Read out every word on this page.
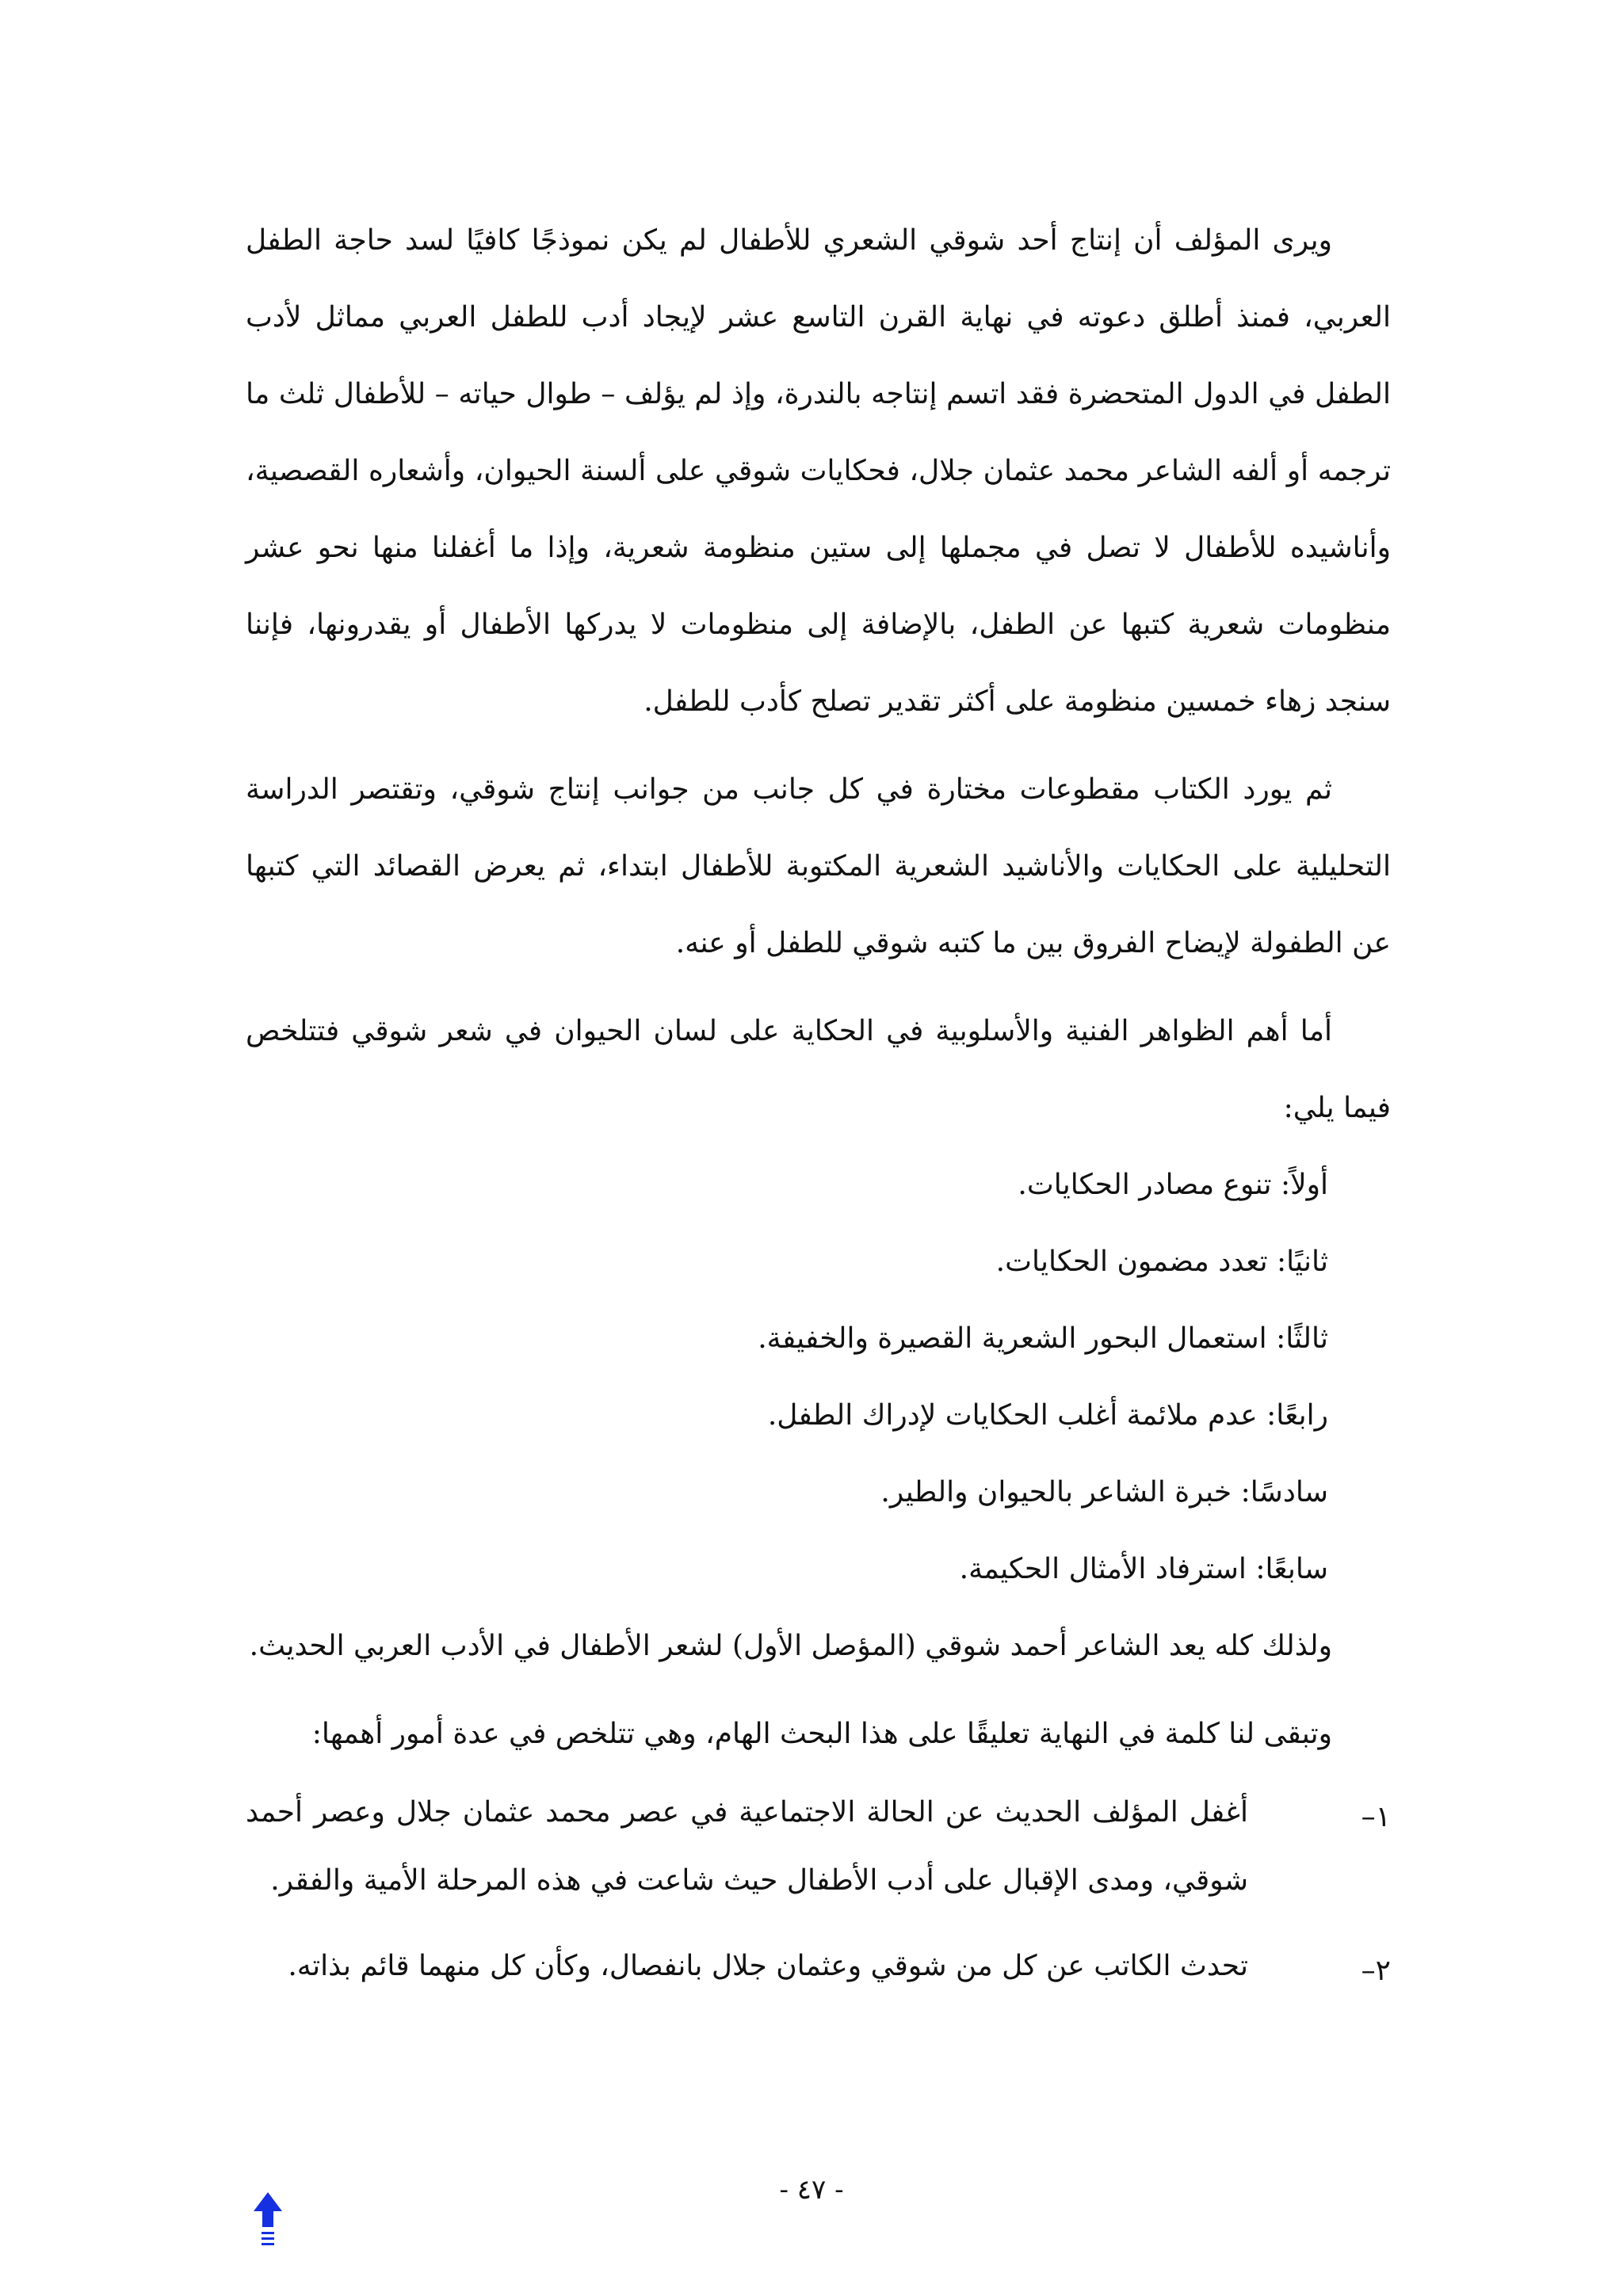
ويرى المؤلف أن إنتاج أحد شوقي الشعري للأطفال لم يكن نموذجًا كافيًا لسد حاجة الطفل العربي، فمنذ أطلق دعوته في نهاية القرن التاسع عشر لإيجاد أدب للطفل العربي مماثل لأدب الطفل في الدول المتحضرة فقد اتسم إنتاجه بالندرة، وإذ لم يؤلف – طوال حياته – للأطفال ثلث ما ترجمه أو ألفه الشاعر محمد عثمان جلال، فحكايات شوقي على ألسنة الحيوان، وأشعاره القصصية، وأناشيده للأطفال لا تصل في مجملها إلى ستين منظومة شعرية، وإذا ما أغفلنا منها نحو عشر منظومات شعرية كتبها عن الطفل، بالإضافة إلى منظومات لا يدركها الأطفال أو يقدرونها، فإننا سنجد زهاء خمسين منظومة على أكثر تقدير تصلح كأدب للطفل.

ثم يورد الكتاب مقطوعات مختارة في كل جانب من جوانب إنتاج شوقي، وتقتصر الدراسة التحليلية على الحكايات والأناشيد الشعرية المكتوبة للأطفال ابتداء، ثم يعرض القصائد التي كتبها عن الطفولة لإيضاح الفروق بين ما كتبه شوقي للطفل أو عنه.

أما أهم الظواهر الفنية والأسلوبية في الحكاية على لسان الحيوان في شعر شوقي فتتلخص فيما يلي:

أولاً: تنوع مصادر الحكايات.

ثانيًا: تعدد مضمون الحكايات.

ثالثًا: استعمال البحور الشعرية القصيرة والخفيفة.

رابعًا: عدم ملائمة أغلب الحكايات لإدراك الطفل.

سادسًا: خبرة الشاعر بالحيوان والطير.

سابعًا: استرفاد الأمثال الحكيمة.

ولذلك كله يعد الشاعر أحمد شوقي (المؤصل الأول) لشعر الأطفال في الأدب العربي الحديث.

وتبقى لنا كلمة في النهاية تعليقًا على هذا البحث الهام، وهي تتلخص في عدة أمور أهمها:

١–
أغفل المؤلف الحديث عن الحالة الاجتماعية في عصر محمد عثمان جلال وعصر أحمد شوقي، ومدى الإقبال على أدب الأطفال حيث شاعت في هذه المرحلة الأمية والفقر.
٢–
تحدث الكاتب عن كل من شوقي وعثمان جلال بانفصال، وكأن كل منهما قائم بذاته.
- ٤٧ -
